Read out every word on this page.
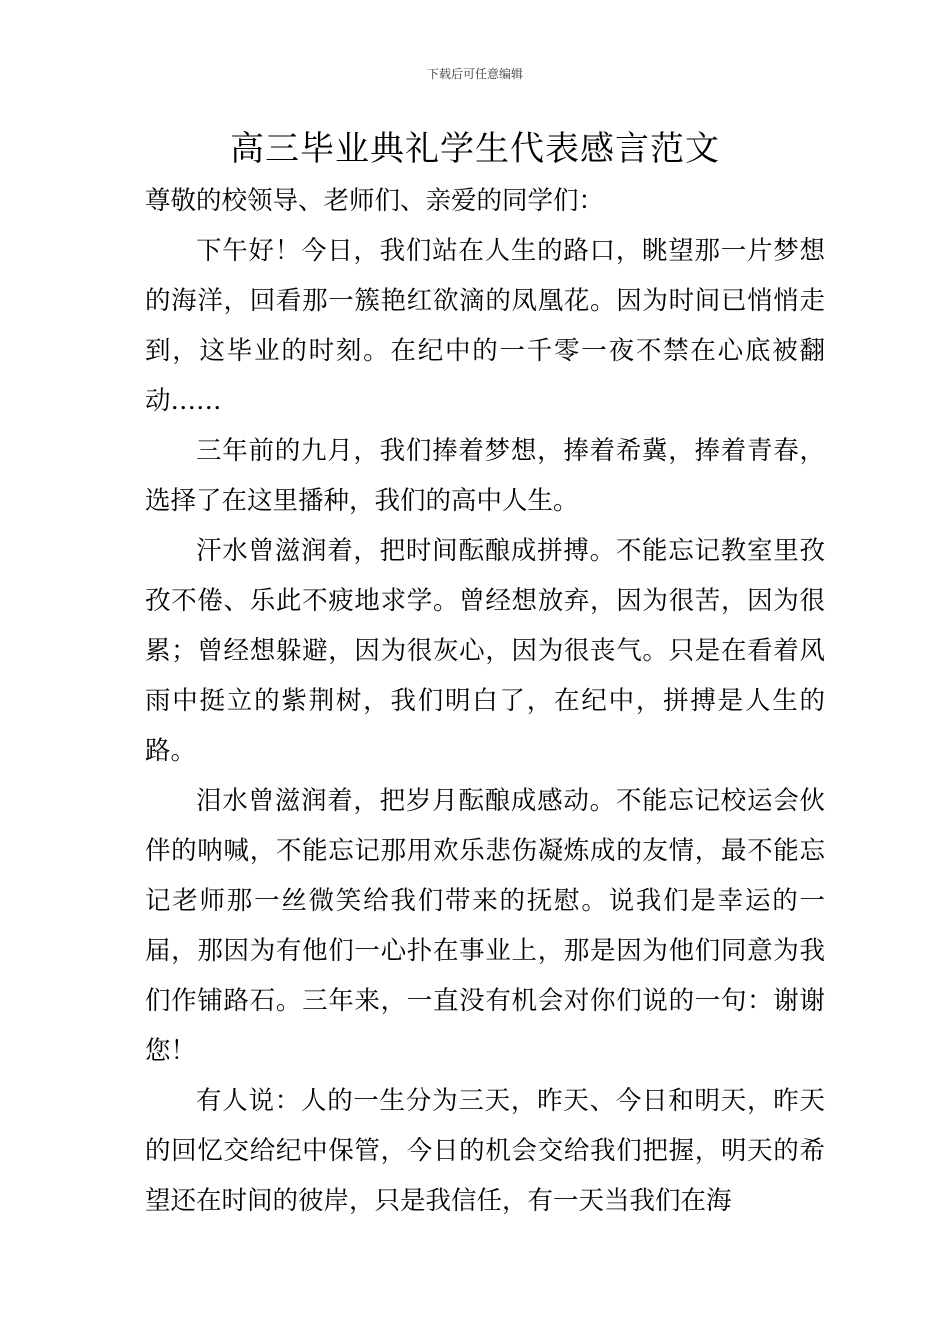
下载后可任意编辑
高三毕业典礼学生代表感言范文

尊敬的校领导、老师们、亲爱的同学们：

下午好！今日，我们站在人生的路口，眺望那一片梦想的海洋，回看那一簇艳红欲滴的凤凰花。因为时间已悄悄走到，这毕业的时刻。在纪中的一千零一夜不禁在心底被翻动……

三年前的九月，我们捧着梦想，捧着希冀，捧着青春，选择了在这里播种，我们的高中人生。

汗水曾滋润着，把时间酝酿成拼搏。不能忘记教室里孜孜不倦、乐此不疲地求学。曾经想放弃，因为很苦，因为很累；曾经想躲避，因为很灰心，因为很丧气。只是在看着风雨中挺立的紫荆树，我们明白了，在纪中，拼搏是人生的路。

泪水曾滋润着，把岁月酝酿成感动。不能忘记校运会伙伴的呐喊，不能忘记那用欢乐悲伤凝炼成的友情，最不能忘记老师那一丝微笑给我们带来的抚慰。说我们是幸运的一届，那因为有他们一心扑在事业上，那是因为他们同意为我们作铺路石。三年来，一直没有机会对你们说的一句：谢谢您！

有人说：人的一生分为三天，昨天、今日和明天，昨天的回忆交给纪中保管，今日的机会交给我们把握，明天的希望还在时间的彼岸，只是我信任，有一天当我们在海
